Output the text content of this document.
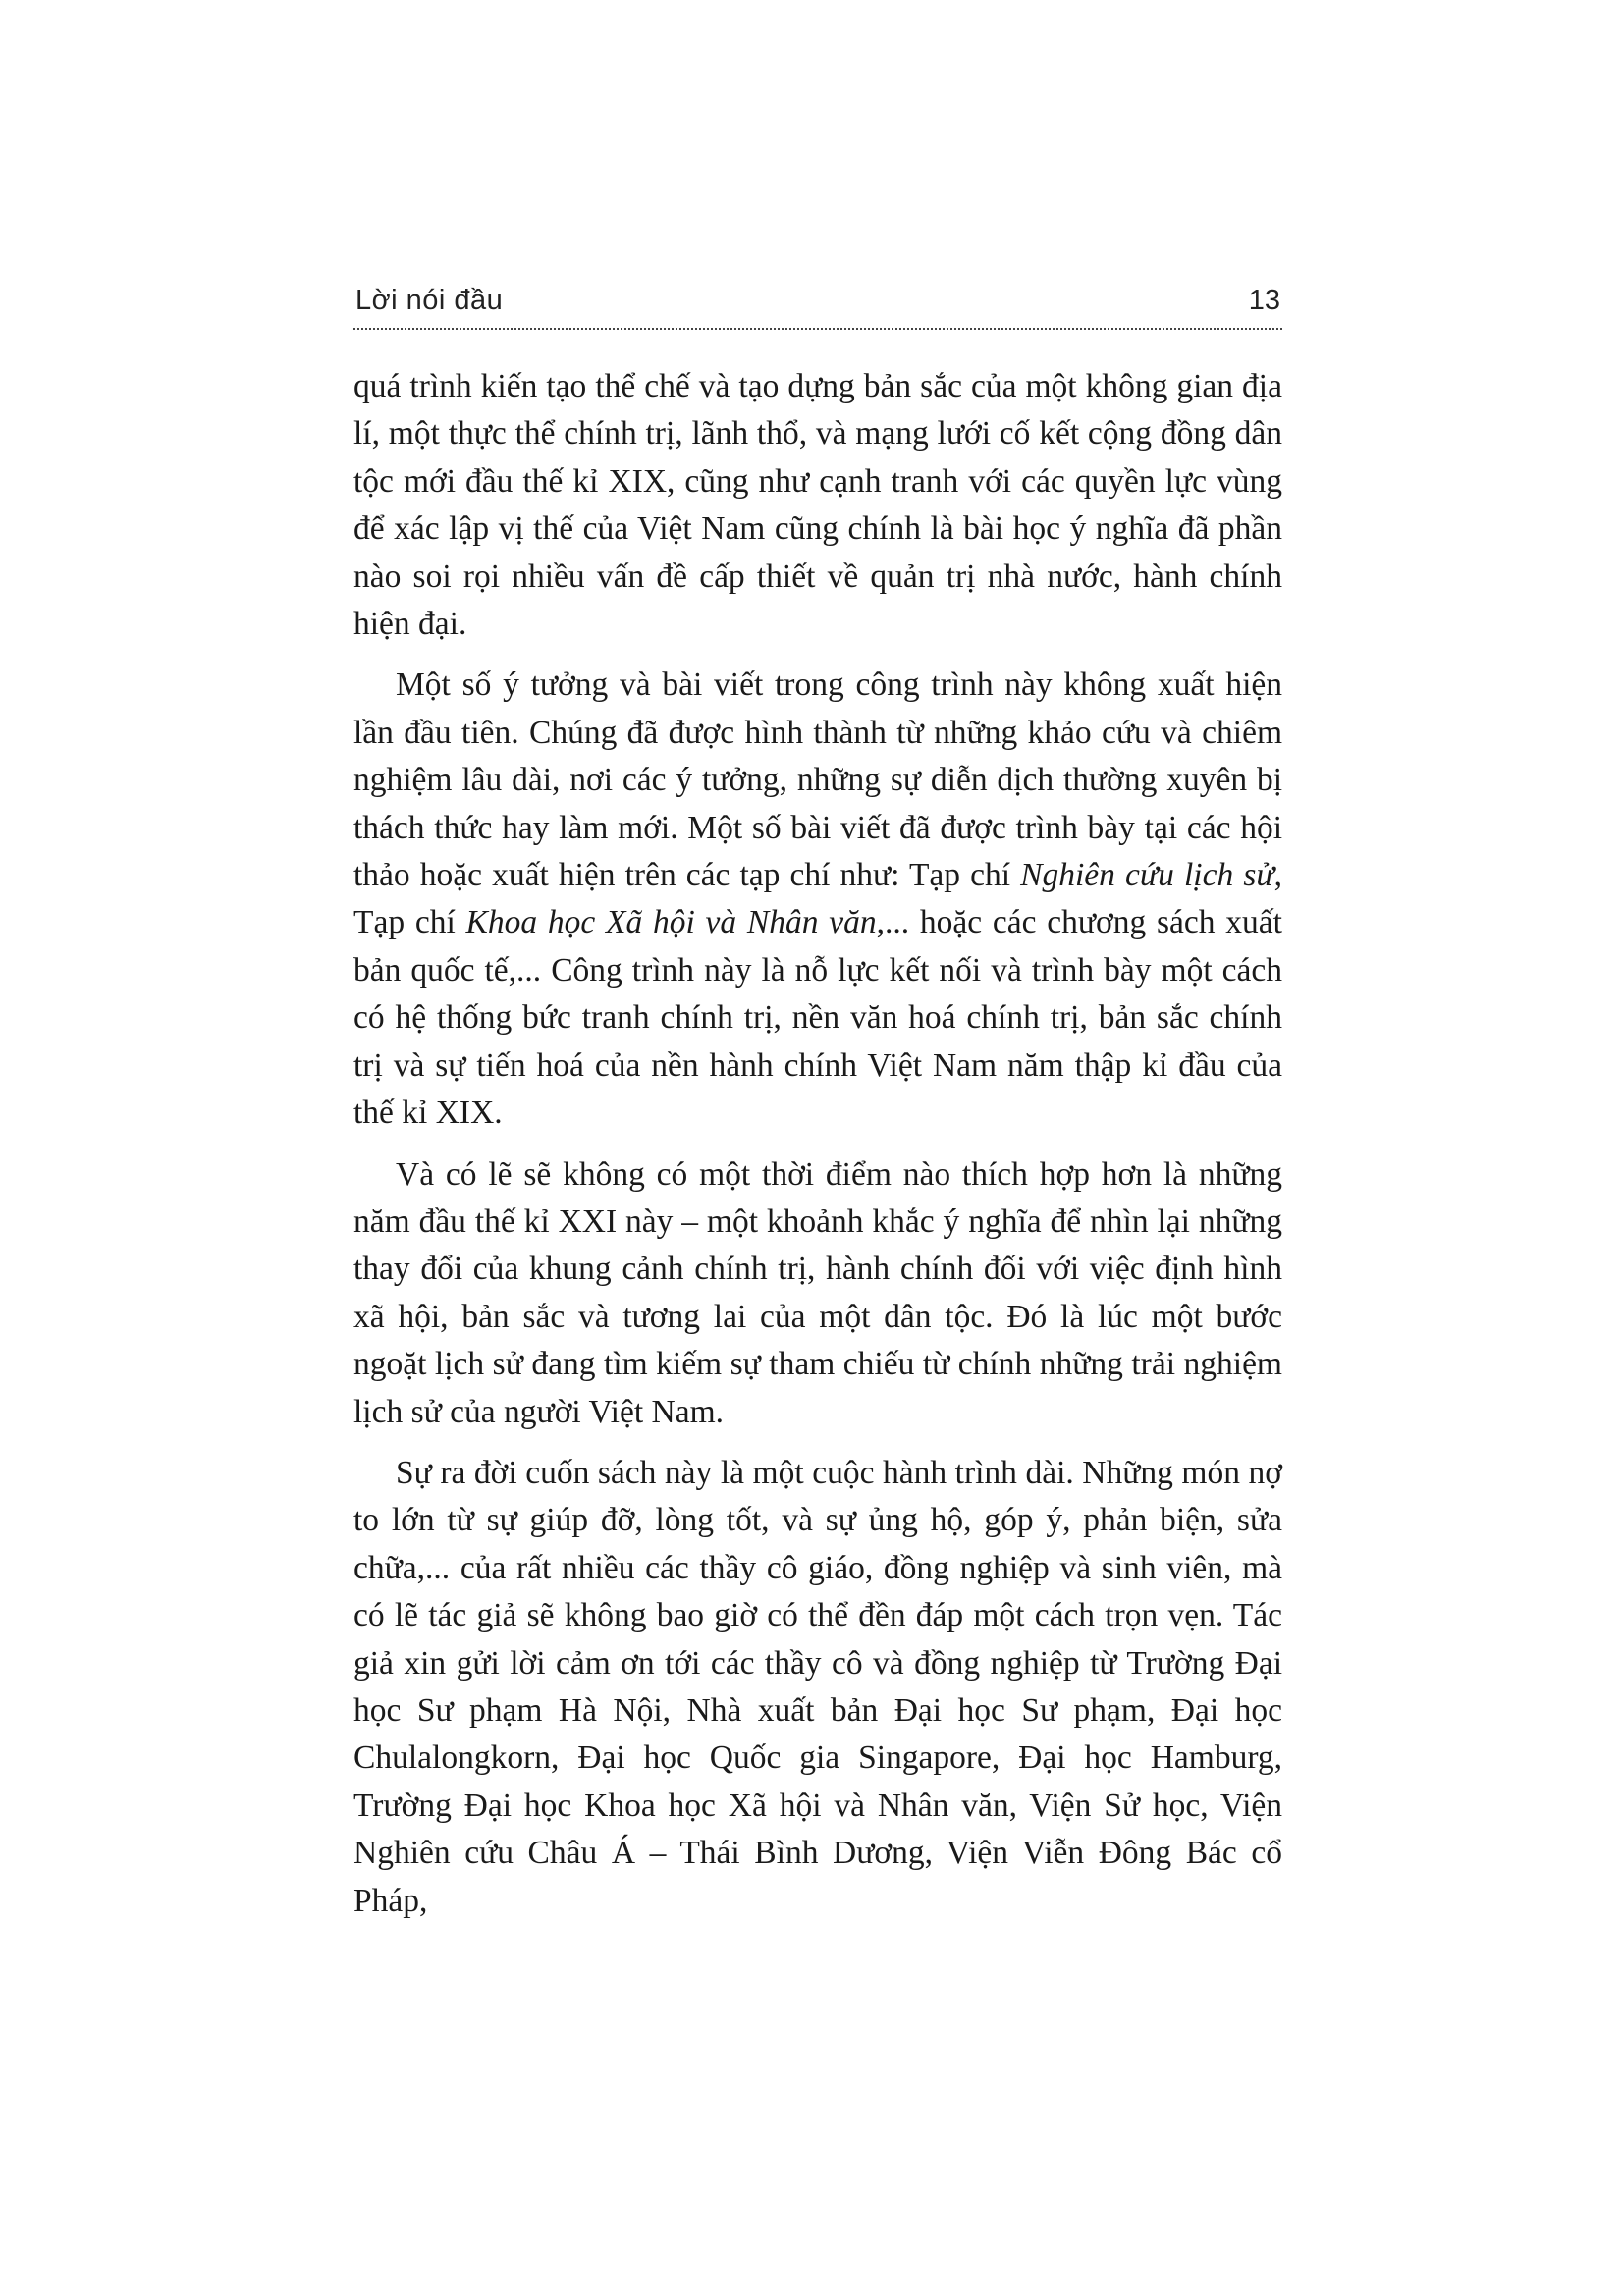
Lời nói đầu	13

quá trình kiến tạo thể chế và tạo dựng bản sắc của một không gian địa lí, một thực thể chính trị, lãnh thổ, và mạng lưới cố kết cộng đồng dân tộc mới đầu thế kỉ XIX, cũng như cạnh tranh với các quyền lực vùng để xác lập vị thế của Việt Nam cũng chính là bài học ý nghĩa đã phần nào soi rọi nhiều vấn đề cấp thiết về quản trị nhà nước, hành chính hiện đại.

Một số ý tưởng và bài viết trong công trình này không xuất hiện lần đầu tiên. Chúng đã được hình thành từ những khảo cứu và chiêm nghiệm lâu dài, nơi các ý tưởng, những sự diễn dịch thường xuyên bị thách thức hay làm mới. Một số bài viết đã được trình bày tại các hội thảo hoặc xuất hiện trên các tạp chí như: Tạp chí Nghiên cứu lịch sử, Tạp chí Khoa học Xã hội và Nhân văn,... hoặc các chương sách xuất bản quốc tế,... Công trình này là nỗ lực kết nối và trình bày một cách có hệ thống bức tranh chính trị, nền văn hoá chính trị, bản sắc chính trị và sự tiến hoá của nền hành chính Việt Nam năm thập kỉ đầu của thế kỉ XIX.

Và có lẽ sẽ không có một thời điểm nào thích hợp hơn là những năm đầu thế kỉ XXI này – một khoảnh khắc ý nghĩa để nhìn lại những thay đổi của khung cảnh chính trị, hành chính đối với việc định hình xã hội, bản sắc và tương lai của một dân tộc. Đó là lúc một bước ngoặt lịch sử đang tìm kiếm sự tham chiếu từ chính những trải nghiệm lịch sử của người Việt Nam.

Sự ra đời cuốn sách này là một cuộc hành trình dài. Những món nợ to lớn từ sự giúp đỡ, lòng tốt, và sự ủng hộ, góp ý, phản biện, sửa chữa,... của rất nhiều các thầy cô giáo, đồng nghiệp và sinh viên, mà có lẽ tác giả sẽ không bao giờ có thể đền đáp một cách trọn vẹn. Tác giả xin gửi lời cảm ơn tới các thầy cô và đồng nghiệp từ Trường Đại học Sư phạm Hà Nội, Nhà xuất bản Đại học Sư phạm, Đại học Chulalongkorn, Đại học Quốc gia Singapore, Đại học Hamburg, Trường Đại học Khoa học Xã hội và Nhân văn, Viện Sử học, Viện Nghiên cứu Châu Á – Thái Bình Dương, Viện Viễn Đông Bác cổ Pháp,
